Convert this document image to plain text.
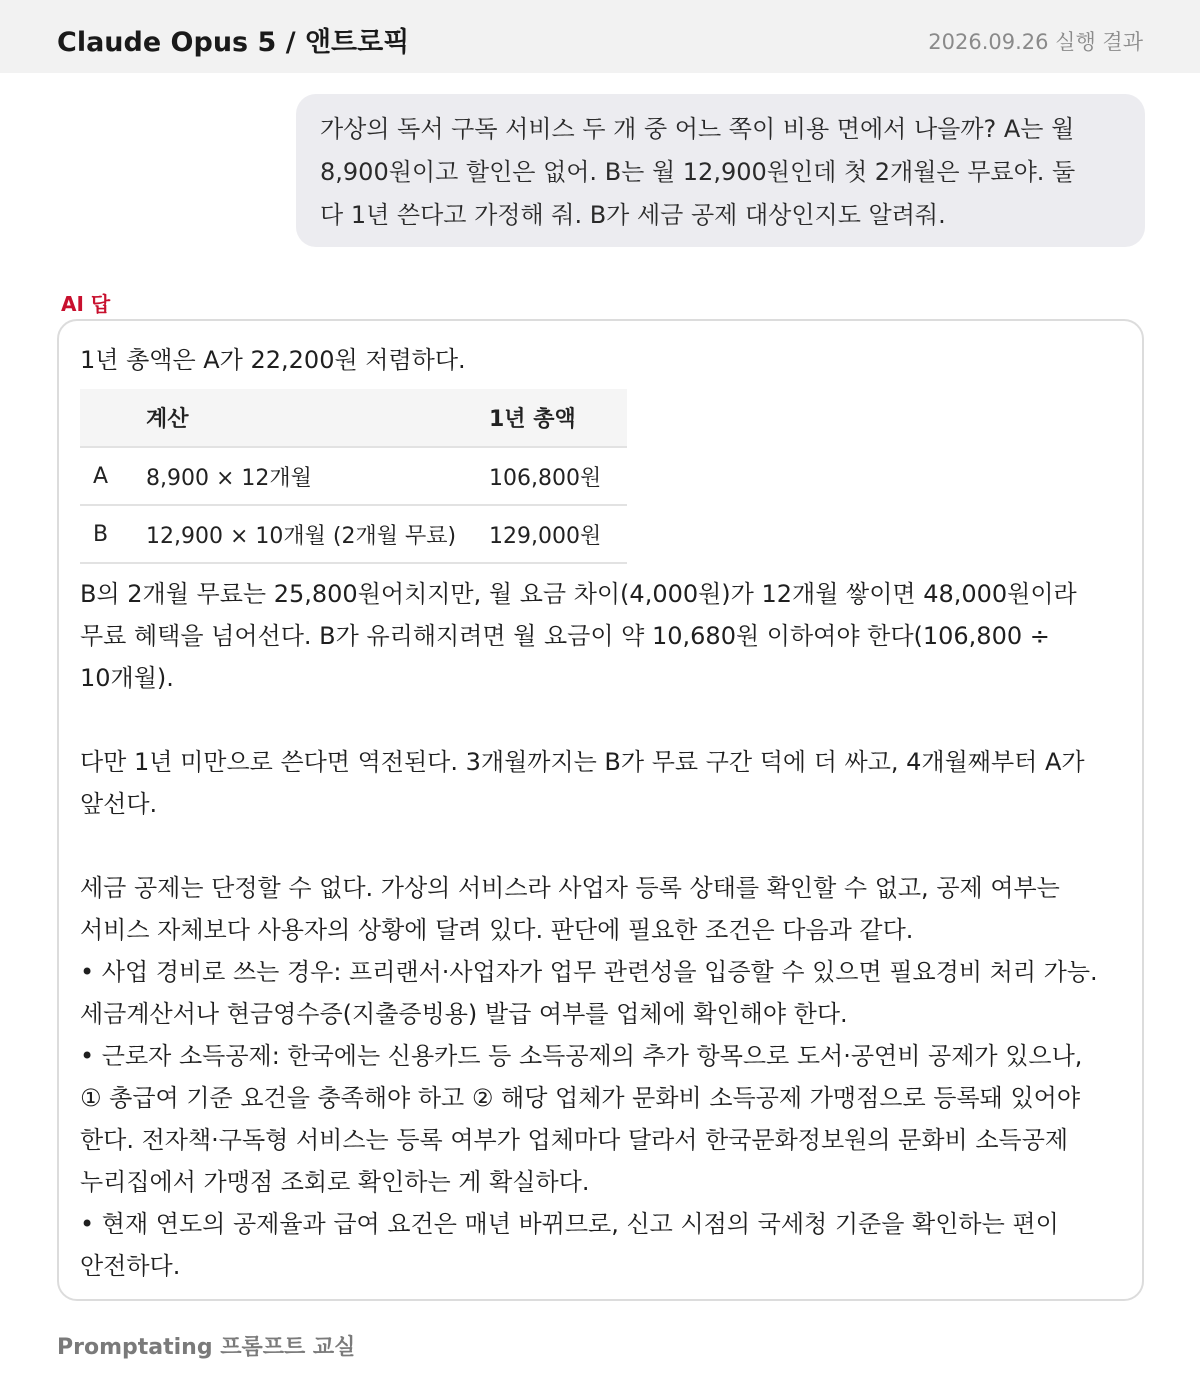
Claude Opus 5 / 앤트로픽	2026.09.26 실행 결과
가상의 독서 구독 서비스 두 개 중 어느 쪽이 비용 면에서 나을까? A는 월
8,900원이고 할인은 없어. B는 월 12,900원인데 첫 2개월은 무료야. 둘
다 1년 쓴다고 가정해 줘. B가 세금 공제 대상인지도 알려줘.
AI 답
1년 총액은 A가 22,200원 저렴하다.
	계산	1년 총액
A	8,900 × 12개월	106,800원
B	12,900 × 10개월 (2개월 무료)	129,000원
B의 2개월 무료는 25,800원어치지만, 월 요금 차이(4,000원)가 12개월 쌓이면 48,000원이라
무료 혜택을 넘어선다. B가 유리해지려면 월 요금이 약 10,680원 이하여야 한다(106,800 ÷
10개월).
다만 1년 미만으로 쓴다면 역전된다. 3개월까지는 B가 무료 구간 덕에 더 싸고, 4개월째부터 A가
앞선다.
세금 공제는 단정할 수 없다. 가상의 서비스라 사업자 등록 상태를 확인할 수 없고, 공제 여부는
서비스 자체보다 사용자의 상황에 달려 있다. 판단에 필요한 조건은 다음과 같다.
• 사업 경비로 쓰는 경우: 프리랜서·사업자가 업무 관련성을 입증할 수 있으면 필요경비 처리 가능.
세금계산서나 현금영수증(지출증빙용) 발급 여부를 업체에 확인해야 한다.
• 근로자 소득공제: 한국에는 신용카드 등 소득공제의 추가 항목으로 도서·공연비 공제가 있으나,
① 총급여 기준 요건을 충족해야 하고 ② 해당 업체가 문화비 소득공제 가맹점으로 등록돼 있어야
한다. 전자책·구독형 서비스는 등록 여부가 업체마다 달라서 한국문화정보원의 문화비 소득공제
누리집에서 가맹점 조회로 확인하는 게 확실하다.
• 현재 연도의 공제율과 급여 요건은 매년 바뀌므로, 신고 시점의 국세청 기준을 확인하는 편이
안전하다.
Promptating 프롬프트 교실
